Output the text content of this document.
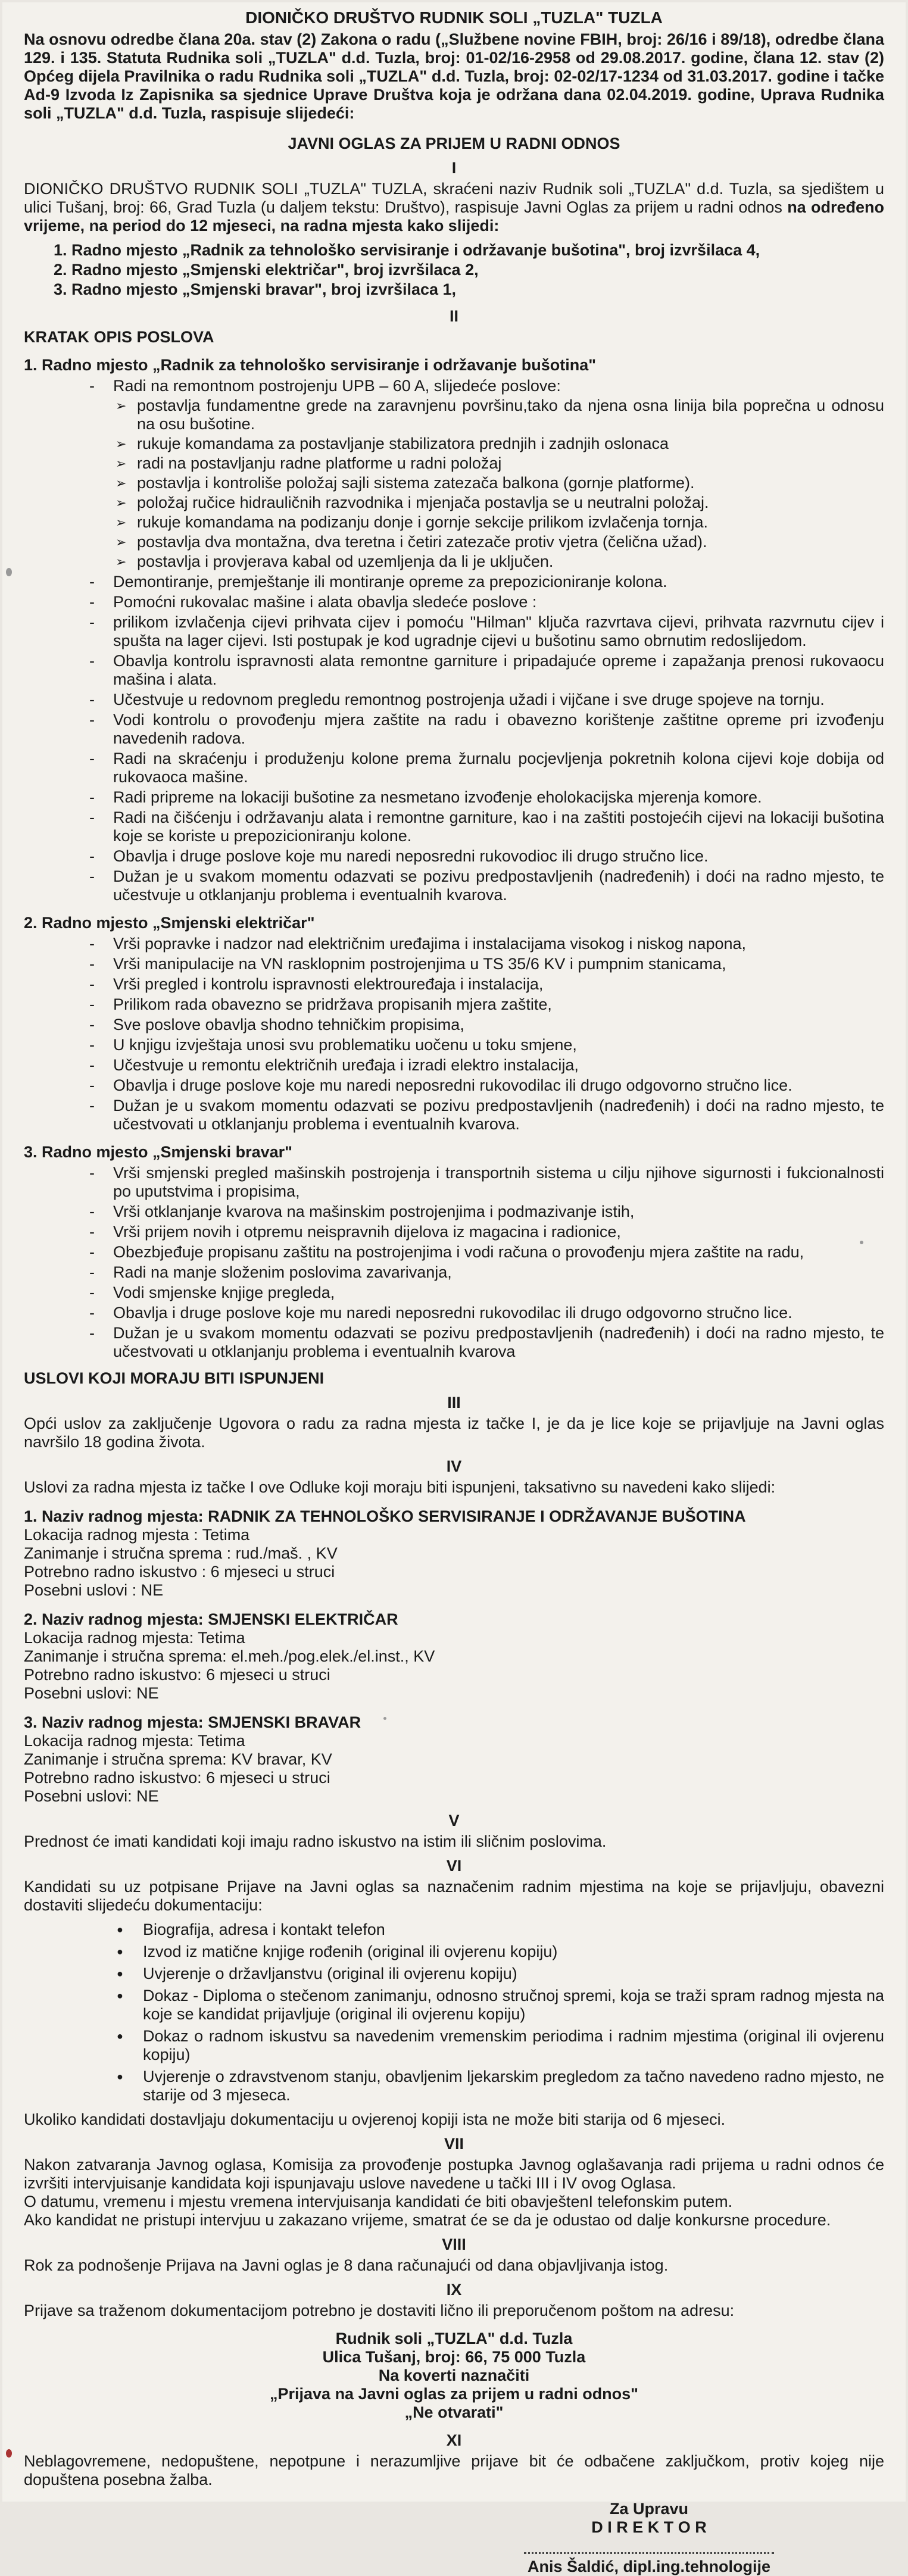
DIONIČKO DRUŠTVO RUDNIK SOLI „TUZLA" TUZLA
Na osnovu odredbe člana 20a. stav (2) Zakona o radu („Službene novine FBIH, broj: 26/16 i 89/18), odredbe člana 129. i 135. Statuta Rudnika soli „TUZLA" d.d. Tuzla, broj: 01-02/16-2958 od 29.08.2017. godine, člana 12. stav (2) Općeg dijela Pravilnika o radu Rudnika soli „TUZLA" d.d. Tuzla, broj: 02-02/17-1234 od 31.03.2017. godine i tačke Ad-9 Izvoda Iz Zapisnika sa sjednice Uprave Društva koja je održana dana 02.04.2019. godine, Uprava Rudnika soli „TUZLA" d.d. Tuzla, raspisuje slijedeći:
JAVNI OGLAS ZA PRIJEM U RADNI ODNOS
I
DIONIČKO DRUŠTVO RUDNIK SOLI „TUZLA" TUZLA, skraćeni naziv Rudnik soli „TUZLA" d.d. Tuzla, sa sjedištem u ulici Tušanj, broj: 66, Grad Tuzla (u daljem tekstu: Društvo), raspisuje Javni Oglas za prijem u radni odnos na određeno vrijeme, na period do 12 mjeseci, na radna mjesta kako slijedi:
1. Radno mjesto „Radnik za tehnološko servisiranje i održavanje bušotina", broj izvršilaca 4,
2. Radno mjesto „Smjenski električar", broj izvršilaca 2,
3. Radno mjesto „Smjenski bravar", broj izvršilaca 1,
II
KRATAK OPIS POSLOVA
1. Radno mjesto „Radnik za tehnološko servisiranje i održavanje bušotina"
- Radi na remontnom postrojenju UPB – 60 A, slijedeće poslove:
➢ postavlja fundamentne grede na zaravnjenu površinu,tako da njena osna linija bila poprečna u odnosu na osu bušotine.
➢ rukuje komandama za postavljanje stabilizatora prednjih i zadnjih oslonaca
➢ radi na postavljanju radne platforme u radni položaj
➢ postavlja i kontroliše položaj sajli sistema zatezača balkona (gornje platforme).
➢ položaj ručice hidrauličnih razvodnika i mjenjača postavlja se u neutralni položaj.
➢ rukuje komandama na podizanju donje i gornje sekcije prilikom izvlačenja tornja.
➢ postavlja dva montažna, dva teretna i četiri zatezače protiv vjetra (čelična užad).
➢ postavlja i provjerava kabal od uzemljenja da li je uključen.
- Demontiranje, premještanje ili montiranje opreme za prepozicioniranje kolona.
- Pomoćni rukovalac mašine i alata obavlja sledeće poslove :
- prilikom izvlačenja cijevi prihvata cijev i pomoću "Hilman" ključa razvrtava cijevi, prihvata razvrnutu cijev i spušta na lager cijevi. Isti postupak je kod ugradnje cijevi u bušotinu samo obrnutim redoslijedom.
- Obavlja kontrolu ispravnosti alata remontne garniture i pripadajuće opreme i zapažanja prenosi rukovaocu mašina i alata.
- Učestvuje u redovnom pregledu remontnog postrojenja užadi i vijčane i sve druge spojeve na tornju.
- Vodi kontrolu o provođenju mjera zaštite na radu i obavezno korištenje zaštitne opreme pri izvođenju navedenih radova.
- Radi na skraćenju i produženju kolone prema žurnalu pocjevljenja pokretnih kolona cijevi koje dobija od rukovaoca mašine.
- Radi pripreme na lokaciji bušotine za nesmetano izvođenje eholokacijska mjerenja komore.
- Radi na čišćenju i održavanju alata i remontne garniture, kao i na zaštiti postojećih cijevi na lokaciji bušotina koje se koriste u prepozicioniranju kolone.
- Obavlja i druge poslove koje mu naredi neposredni rukovodioc ili drugo stručno lice.
- Dužan je u svakom momentu odazvati se pozivu predpostavljenih (nadređenih) i doći na radno mjesto, te učestvuje u otklanjanju problema i eventualnih kvarova.
2. Radno mjesto „Smjenski električar"
- Vrši popravke i nadzor nad električnim uređajima i instalacijama visokog i niskog napona,
- Vrši manipulacije na VN rasklopnim postrojenjima u TS 35/6 KV i pumpnim stanicama,
- Vrši pregled i kontrolu ispravnosti elektrouređaja i instalacija,
- Prilikom rada obavezno se pridržava propisanih mjera zaštite,
- Sve poslove obavlja shodno tehničkim propisima,
- U knjigu izvještaja unosi svu problematiku uočenu u toku smjene,
- Učestvuje u remontu električnih uređaja i izradi elektro instalacija,
- Obavlja i druge poslove koje mu naredi neposredni rukovodilac ili drugo odgovorno stručno lice.
- Dužan je u svakom momentu odazvati se pozivu predpostavljenih (nadređenih) i doći na radno mjesto, te učestvovati u otklanjanju problema i eventualnih kvarova.
3. Radno mjesto „Smjenski bravar"
- Vrši smjenski pregled mašinskih postrojenja i transportnih sistema u cilju njihove sigurnosti i fukcionalnosti po uputstvima i propisima,
- Vrši otklanjanje kvarova na mašinskim postrojenjima i podmazivanje istih,
- Vrši prijem novih i otpremu neispravnih dijelova iz magacina i radionice,
- Obezbjeđuje propisanu zaštitu na postrojenjima i vodi računa o provođenju mjera zaštite na radu,
- Radi na manje složenim poslovima zavarivanja,
- Vodi smjenske knjige pregleda,
- Obavlja i druge poslove koje mu naredi neposredni rukovodilac ili drugo odgovorno stručno lice.
- Dužan je u svakom momentu odazvati se pozivu predpostavljenih (nadređenih) i doći na radno mjesto, te učestvovati u otklanjanju problema i eventualnih kvarova
USLOVI KOJI MORAJU BITI ISPUNJENI
III
Opći uslov za zaključenje Ugovora o radu za radna mjesta iz tačke I, je da je lice koje se prijavljuje na Javni oglas navršilo 18 godina života.
IV
Uslovi za radna mjesta iz tačke I ove Odluke koji moraju biti ispunjeni, taksativno su navedeni kako slijedi:
1. Naziv radnog mjesta: RADNIK ZA TEHNOLOŠKO SERVISIRANJE I ODRŽAVANJE BUŠOTINA
Lokacija radnog mjesta : Tetima
Zanimanje i stručna sprema : rud./maš. , KV
Potrebno radno iskustvo : 6 mjeseci u struci
Posebni uslovi : NE
2. Naziv radnog mjesta: SMJENSKI ELEKTRIČAR
Lokacija radnog mjesta: Tetima
Zanimanje i stručna sprema: el.meh./pog.elek./el.inst., KV
Potrebno radno iskustvo: 6 mjeseci u struci
Posebni uslovi: NE
3. Naziv radnog mjesta: SMJENSKI BRAVAR
Lokacija radnog mjesta: Tetima
Zanimanje i stručna sprema: KV bravar, KV
Potrebno radno iskustvo: 6 mjeseci u struci
Posebni uslovi: NE
V
Prednost će imati kandidati koji imaju radno iskustvo na istim ili sličnim poslovima.
VI
Kandidati su uz potpisane Prijave na Javni oglas sa naznačenim radnim mjestima na koje se prijavljuju, obavezni dostaviti slijedeću dokumentaciju:
● Biografija, adresa i kontakt telefon
● Izvod iz matične knjige rođenih (original ili ovjerenu kopiju)
● Uvjerenje o državljanstvu (original ili ovjerenu kopiju)
● Dokaz - Diploma o stečenom zanimanju, odnosno stručnoj spremi, koja se traži spram radnog mjesta na koje se kandidat prijavljuje (original ili ovjerenu kopiju)
● Dokaz o radnom iskustvu sa navedenim vremenskim periodima i radnim mjestima (original ili ovjerenu kopiju)
● Uvjerenje o zdravstvenom stanju, obavljenim ljekarskim pregledom za tačno navedeno radno mjesto, ne starije od 3 mjeseca.
Ukoliko kandidati dostavljaju dokumentaciju u ovjerenoj kopiji ista ne može biti starija od 6 mjeseci.
VII
Nakon zatvaranja Javnog oglasa, Komisija za provođenje postupka Javnog oglašavanja radi prijema u radni odnos će izvršiti intervjuisanje kandidata koji ispunjavaju uslove navedene u tački III i IV ovog Oglasa.
O datumu, vremenu i mjestu vremena intervjuisanja kandidati će biti obavještenI telefonskim putem.
Ako kandidat ne pristupi intervjuu u zakazano vrijeme, smatrat će se da je odustao od dalje konkursne procedure.
VIII
Rok za podnošenje Prijava na Javni oglas je 8 dana računajući od dana objavljivanja istog.
IX
Prijave sa traženom dokumentacijom potrebno je dostaviti lično ili preporučenom poštom na adresu:
Rudnik soli „TUZLA" d.d. Tuzla
Ulica Tušanj, broj: 66, 75 000 Tuzla
Na koverti naznačiti
„Prijava na Javni oglas za prijem u radni odnos"
„Ne otvarati"
XI
Neblagovremene, nedopuštene, nepotpune i nerazumljive prijave bit će odbačene zaključkom, protiv kojeg nije dopuštena posebna žalba.
Za Upravu
D I R E K T O R
Anis Šaldić, dipl.ing.tehnologije
